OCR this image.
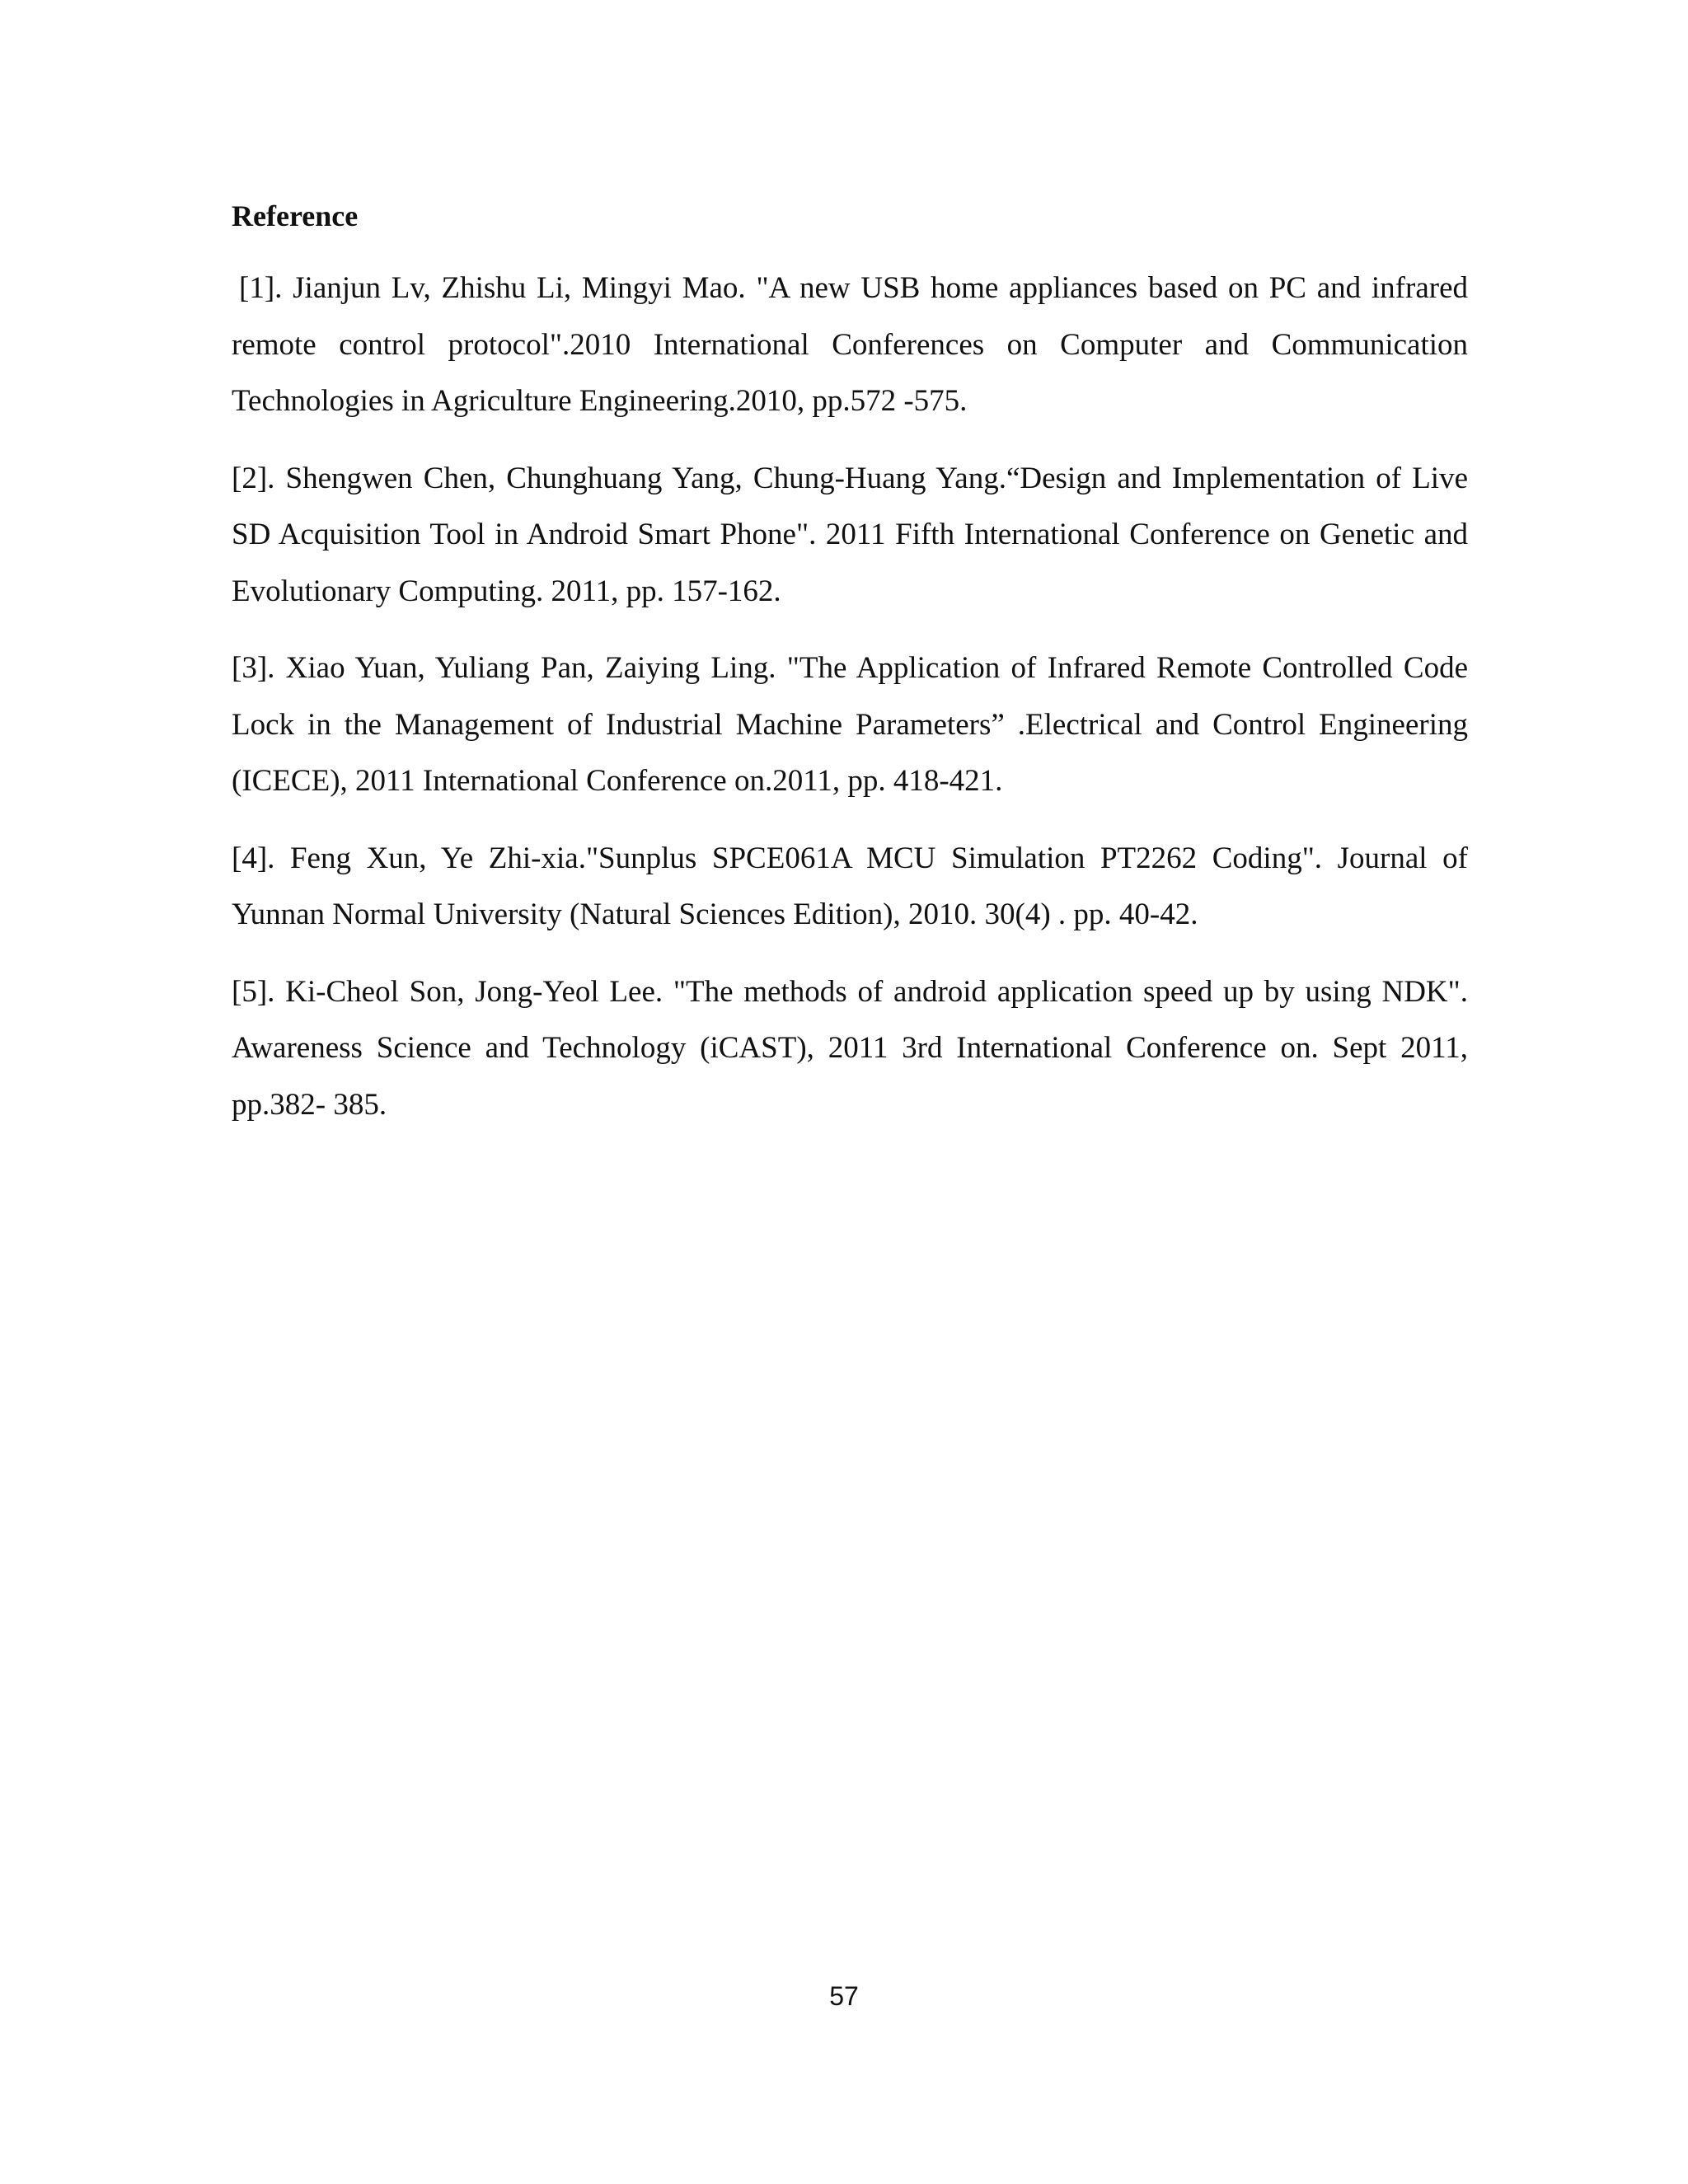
Reference

[1]. Jianjun Lv, Zhishu Li, Mingyi Mao. "A new USB home appliances based on PC and infrared remote control protocol".2010 International Conferences on Computer and Communication Technologies in Agriculture Engineering.2010, pp.572 -575.

[2]. Shengwen Chen, Chunghuang Yang, Chung-Huang Yang.“Design and Implementation of Live SD Acquisition Tool in Android Smart Phone". 2011 Fifth International Conference on Genetic and Evolutionary Computing. 2011, pp. 157-162.

[3]. Xiao Yuan, Yuliang Pan, Zaiying Ling. "The Application of Infrared Remote Controlled Code Lock in the Management of Industrial Machine Parameters” .Electrical and Control Engineering (ICECE), 2011 International Conference on.2011, pp. 418-421.

[4]. Feng Xun, Ye Zhi-xia."Sunplus SPCE061A MCU Simulation PT2262 Coding". Journal of Yunnan Normal University (Natural Sciences Edition), 2010. 30(4) . pp. 40-42.

[5]. Ki-Cheol Son, Jong-Yeol Lee. "The methods of android application speed up by using NDK". Awareness Science and Technology (iCAST), 2011 3rd International Conference on. Sept 2011, pp.382- 385.

57
